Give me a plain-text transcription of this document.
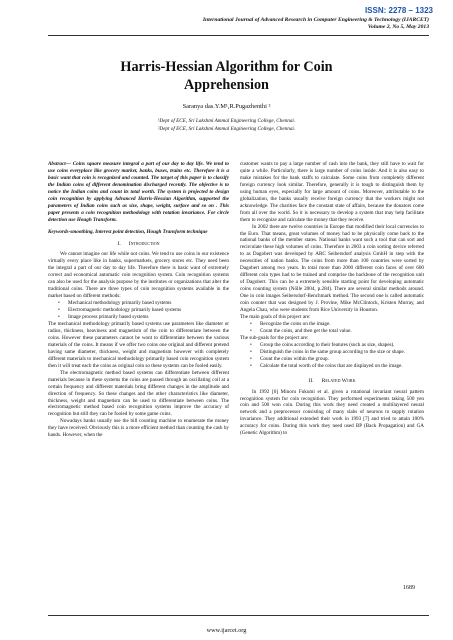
ISSN: 2278 – 1323
International Journal of Advanced Research in Computer Engineering & Technology (IJARCET)
Volume 2, No 5, May 2013
Harris-Hessian Algorithm for Coin
Apprehension
Saranya das.Y.M¹,R.Pugazhenthi ²
¹Dept of ECE, Sri Lakshmi Ammal Engineering College, Chennai.
²Dept of ECE, Sri Lakshmi Ammal Engineering College, Chennai.

Abstract— Coins square measure integral a part of our day to day life. We tend to use coins everyplace like grocery market, banks, buses, trains etc. Therefore it is a basic want that coin is recognized and counted. The target of this paper is to classify the Indian coins of different denomination discharged recently. The objective is to notice the Indian coins and count its total worth. The system is projected to design coin recognition by applying Advanced Harris-Hessian Algorithm, supported the parameters of Indian coins such as size, shape, weight, surface and so on . This paper presents a coin recognition methodology with rotation invariance. For circle detection use Hough Transform.

Keywords-smoothing, Interest point detection, Hough Transform technique

I. Introduction

We cannot imagine our life while not coins. We tend to use coins in our existence virtually every place like in banks, supermarkets, grocery stores etc. They need been the integral a part of our day to day life. Therefore there is basic want of extremely correct and economical automatic coin recognition system. Coin recognition systems can also be used for the analysis purpose by the institutes or organizations that alter the traditional coins. There are three types of coin recognition systems available in the market based on different methods:

• Mechanical methodology primarily based systems
• Electromagnetic methodology primarily based systems
• Image process primarily based systems

The mechanical methodology primarily based systems use parameters like diameter or radius, thickness, heaviness and magnetism of the coin to differentiate between the coins. However these parameters cannot be wont to differentiate between the various materials of the coins. It means if we offer two coins one original and different pretend having same diameter, thickness, weight and magnetism however with completely different materials to mechanical methodology primarily based coin recognition system then it will treat each the coins as original coin so these systems can be fooled easily.

The electromagnetic method based systems can differentiate between different materials because in these systems the coins are passed through an oscillating coil at a certain frequency and different materials bring different changes in the amplitude and direction of frequency. So these changes and the other characteristics like diameter, thickness, weight and magnetism can be used to differentiate between coins. The electromagnetic method based coin recognition systems improve the accuracy of recognition but still they can be fooled by some game coins.

Nowadays banks usually use the bill counting machine to enumerate the money they have received. Obviously this is a more efficient method than counting the cash by hands. However, when the

customer wants to pay a large number of cash into the bank, they still have to wait for quite a while. Particularly, there is large number of coins inside. And it is also easy to make mistakes for the bank staffs to calculate. Some coins from completely different foreign currency look similar. Therefore, generally it is tough to distinguish them by using human eyes, especially for large amount of coins. Moreover, attributable to the globalization, the banks usually receive foreign currency that the workers might not acknowledge. The charities face the constant state of affairs, because the donators come from all over the world. So it is necessary to develop a system that may help facilitate them to recognize and calculate the money that they receive.

In 2002 there are twelve countries in Europe that modified their local currencies to the Euro. That means, great volumes of money had to be physically come back to the national banks of the member states. National banks want such a tool that can sort and recirculate these high volumes of coins. Therefore in 2003 a coin sorting device referred to as Dagobert was developed by ARC Seibersdorf analysis GmbH in step with the necessities of nation banks. The coins from more than 100 countries were sorted by Dagobert among two years. In total more than 2000 different coin faces of over 600 different coin types had to be trained and comprise the backbone of the recognition unit of Dagobert. This can be a extremely sensible starting point for developing automatic coins counting system (Nölle 2004, p.284). There are several similar methods around. One in coin images Seibersdorf-Benchmark method. The second one is called automatic coin counter that was designed by J. Provine, Mike McClintock, Kristen Murray, and Angela Chau, who were students from Rice University in Houston.

The main goals of this project are:

• Recognize the coins on the image.
• Count the coins, and then get the total value.

The sub-goals for the project are:

• Group the coins according to their features (such as size, shapes).
• Distinguish the coins in the same group according to the size or shape.
• Count the coins within the group.
• Calculate the total worth of the coins that are displayed on the image.
II. Related Work

In 1992 [6] Minoru Fukumi et al. given a rotational invariant neural pattern recognition system for coin recognition. They performed experiments taking 500 yen coin and 500 won coin. During this work they need created a multilayered neural network and a preprocessor consisting of many slabs of neurons to supply rotation invariance. They additional extended their work in 1993 [7] and tried to attain 100% accuracy for coins. During this work they need used BP (Back Propagation) and GA (Genetic Algorithm) to

1689
www.ijarcet.org
